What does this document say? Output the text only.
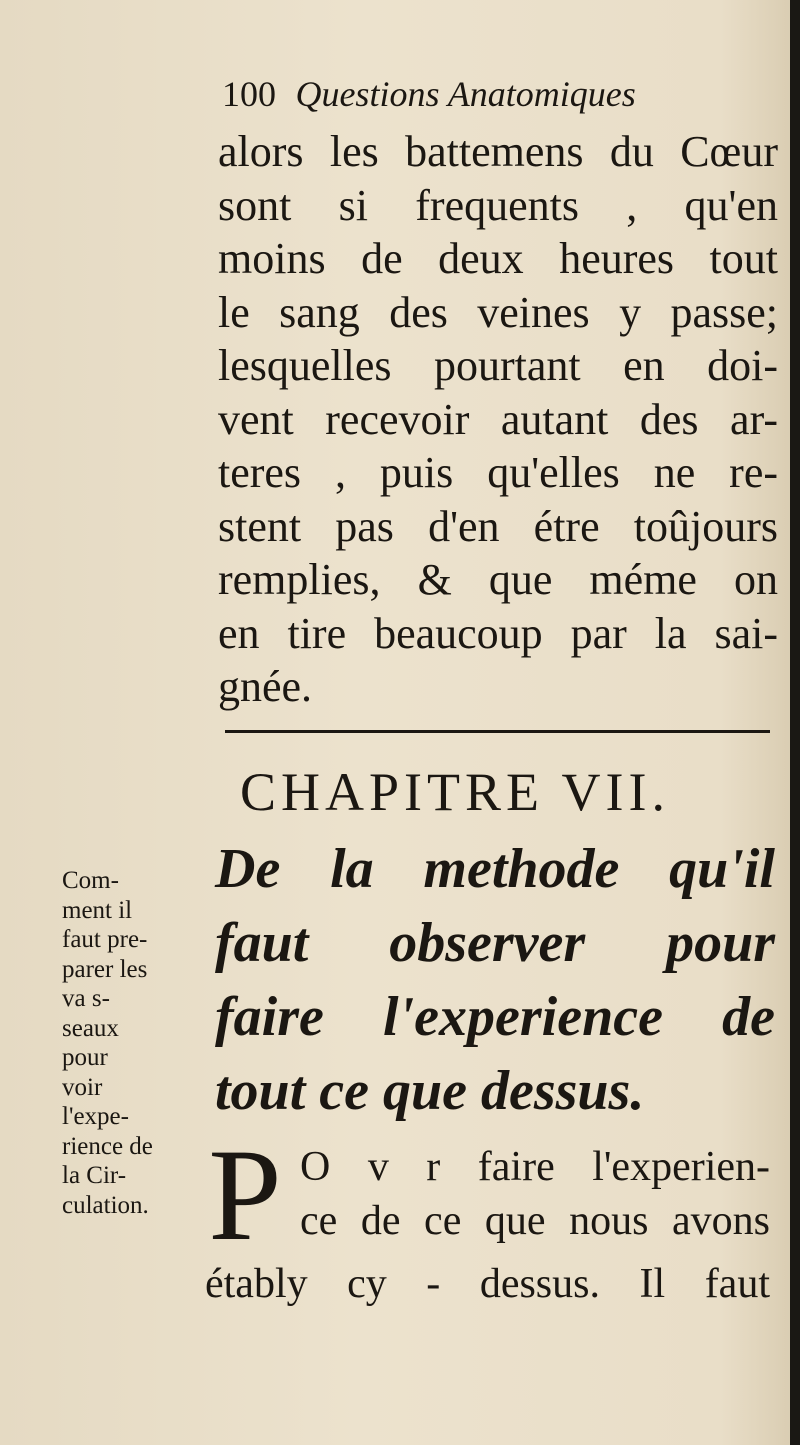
100 Questions Anatomiques
alors les battemens du Cœur
sont si frequents , qu'en
moins de deux heures tout
le sang des veines y passe;
lesquelles pourtant en doi-
vent recevoir autant des ar-
teres , puis qu'elles ne re-
stent pas d'en étre toûjours
remplies, & que méme on
en tire beaucoup par la sai-
gnée.
CHAPITRE VII.
De la methode qu'il
faut observer pour
faire l'experience de
tout ce que dessus.
Com-
ment il
faut pre-
parer les
va s-
seaux
pour
voir
l'expe-
rience de
la Cir-
culation. P O v r faire l'experien-
ce de ce que nous avons
étably cy - dessus. Il faut
